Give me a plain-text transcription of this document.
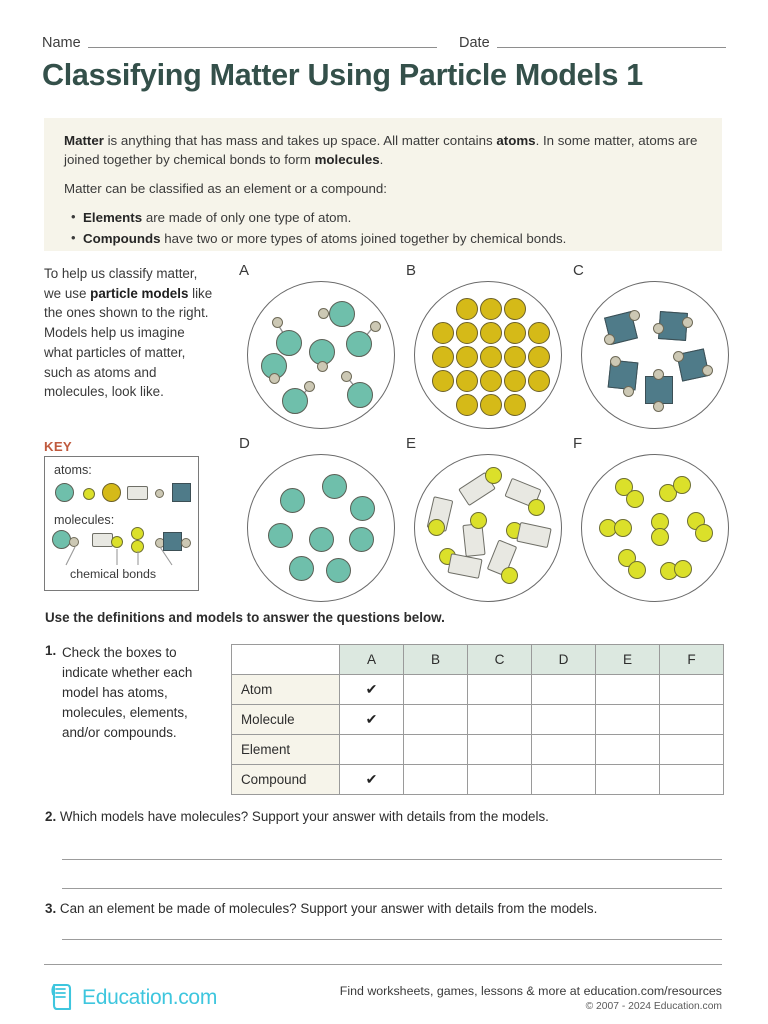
Name	Date
Classifying Matter Using Particle Models 1

Matter is anything that has mass and takes up space. All matter contains atoms. In some matter, atoms are joined together by chemical bonds to form molecules.

Matter can be classified as an element or a compound:

• Elements are made of only one type of atom.
• Compounds have two or more types of atoms joined together by chemical bonds.
To help us classify matter, we use particle models like the ones shown to the right. Models help us imagine what particles of matter, such as atoms and molecules, look like.
KEY
atoms:
molecules:
chemical bonds
A	B	C
D	E	F
Use the definitions and models to answer the questions below.
1. Check the boxes to indicate whether each model has atoms, molecules, elements, and/or compounds.
	A	B	C	D	E	F
Atom	✔					
Molecule	✔					
Element						
Compound	✔					
2. Which models have molecules? Support your answer with details from the models.
3. Can an element be made of molecules? Support your answer with details from the models.
Education.com	Find worksheets, games, lessons & more at education.com/resources
© 2007 - 2024 Education.com
